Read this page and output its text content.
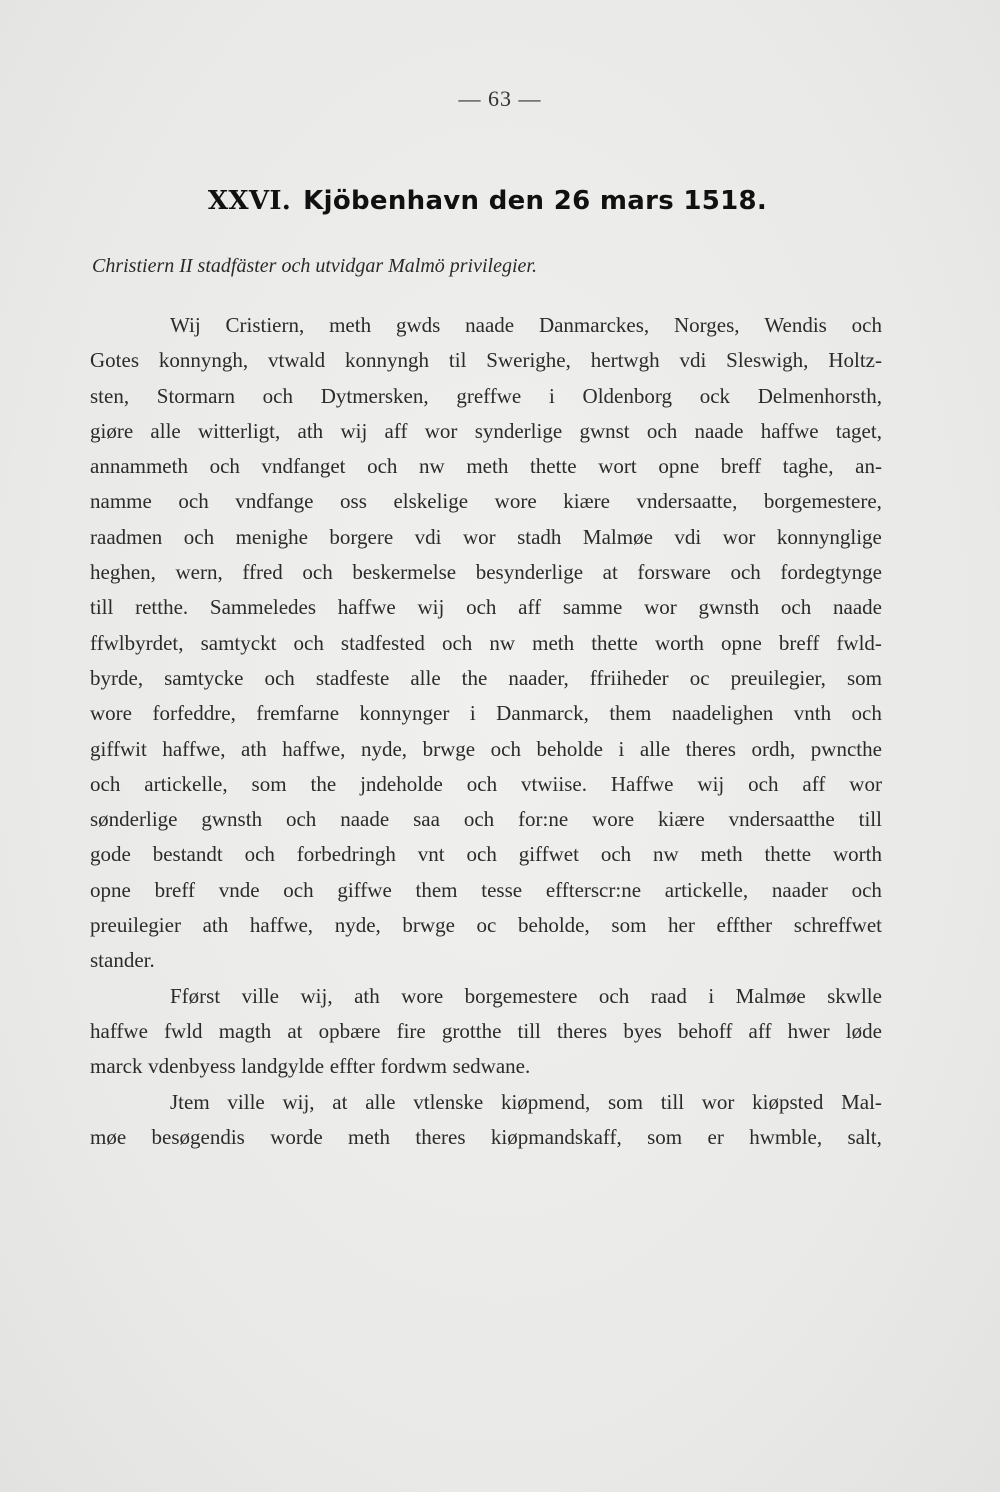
— 63 —
XXVI. Kjöbenhavn den 26 mars 1518.
Christiern II stadfäster och utvidgar Malmö privilegier.
Wij Cristiern, meth gwds naade Danmarckes, Norges, Wendis och
Gotes konnyngh, vtwald konnyngh til Swerighe, hertwgh vdi Sleswigh, Holtz-
sten, Stormarn och Dytmersken, greffwe i Oldenborg ock Delmenhorsth,
giøre alle witterligt, ath wij aff wor synderlige gwnst och naade haffwe taget,
annammeth och vndfanget och nw meth thette wort opne breff taghe, an-
namme och vndfange oss elskelige wore kiære vndersaatte, borgemestere,
raadmen och menighe borgere vdi wor stadh Malmøe vdi wor konnynglige
heghen, wern, ffred och beskermelse besynderlige at forsware och fordegtynge
till retthe. Sammeledes haffwe wij och aff samme wor gwnsth och naade
ffwlbyrdet, samtyckt och stadfested och nw meth thette worth opne breff fwld-
byrde, samtycke och stadfeste alle the naader, ffriiheder oc preuilegier, som
wore forfeddre, fremfarne konnynger i Danmarck, them naadelighen vnth och
giffwit haffwe, ath haffwe, nyde, brwge och beholde i alle theres ordh, pwncthe
och artickelle, som the jndeholde och vtwiise. Haffwe wij och aff wor
sønderlige gwnsth och naade saa och for:ne wore kiære vndersaatthe till
gode bestandt och forbedringh vnt och giffwet och nw meth thette worth
opne breff vnde och giffwe them tesse effterscr:ne artickelle, naader och
preuilegier ath haffwe, nyde, brwge oc beholde, som her effther schreffwet
stander.
Fførst ville wij, ath wore borgemestere och raad i Malmøe skwlle
haffwe fwld magth at opbære fire grotthe till theres byes behoff aff hwer løde
marck vdenbyess landgylde effter fordwm sedwane.
Jtem ville wij, at alle vtlenske kiøpmend, som till wor kiøpsted Mal-
møe besøgendis worde meth theres kiøpmandskaff, som er hwmble, salt,
